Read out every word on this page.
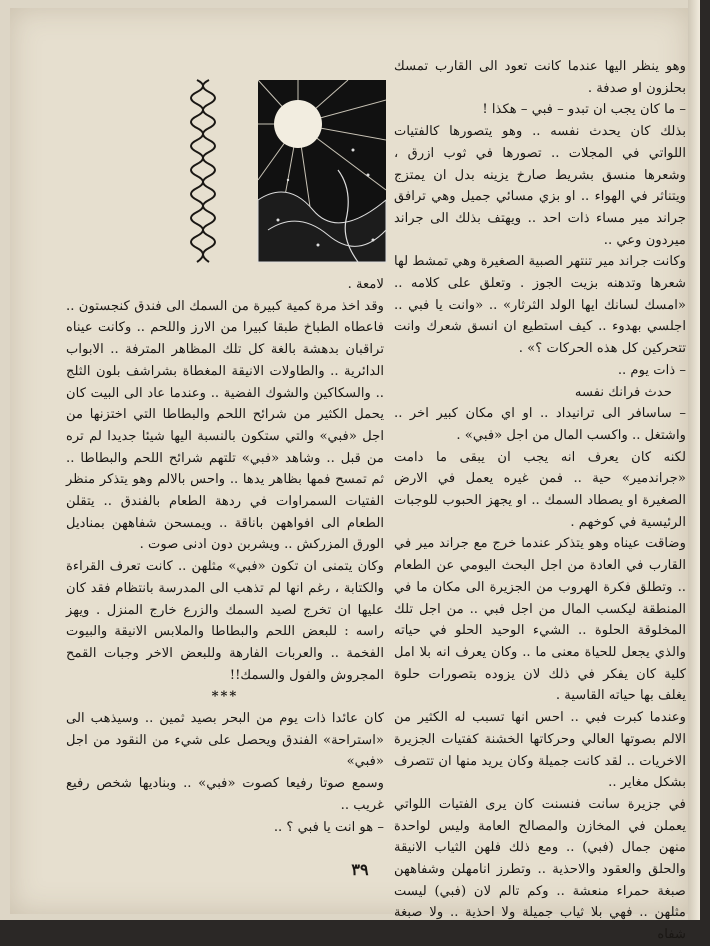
وهو ينظر اليها عندما كانت تعود الى القارب تمسك بحلزون او صدفة .

– ما كان يجب ان تبدو – فبي – هكذا !

بذلك كان يحدث نفسه .. وهو يتصورها كالفتيات اللواتي في المجلات .. تصورها في ثوب ازرق ، وشعرها منسق بشريط صارخ يزينه بدل ان يمتزج ويتناثر في الهواء .. او بزي مسائي جميل وهي ترافق جراند مير مساء ذات احد .. ويهتف بذلك الى جراند ميردون وعي ..

وكانت جراند مير تنتهر الصبية الصغيرة وهي تمشط لها شعرها وتدهنه بزيت الجوز . وتعلق على كلامه .. «امسك لسانك ايها الولد الثرثار» .. «وانت يا فبي .. اجلسي بهدوء .. كيف استطيع ان انسق شعرك وانت تتحركين كل هذه الحركات ؟» .

– ذات يوم ..

حدث فرانك نفسه

– ساسافر الى ترانيداد .. او اي مكان كبير اخر .. واشتغل .. واكسب المال من اجل «فبي» .

لكنه كان يعرف انه يجب ان يبقى ما دامت «جراندمير» حية .. فمن غيره يعمل في الارض الصغيرة او يصطاد السمك .. او يجهز الحبوب للوجبات الرئيسية في كوخهم .

وضاقت عيناه وهو يتذكر عندما خرج مع جراند مير في القارب في العادة من اجل البحث اليومي عن الطعام .. وتطلق فكرة الهروب من الجزيرة الى مكان ما في المنطقة ليكسب المال من اجل فبي .. من اجل تلك المخلوقة الحلوة .. الشيء الوحيد الحلو في حياته والذي يجعل للحياة معنى ما .. وكان يعرف انه بلا امل كلية كان يفكر في ذلك لان يزوده بتصورات حلوة يغلف بها حياته القاسية .

وعندما كبرت فبي .. احس انها تسبب له الكثير من الالم بصوتها العالي وحركاتها الخشنة كفتيات الجزيرة الاخريات .. لقد كانت جميلة وكان يريد منها ان تتصرف بشكل مغاير ..

في جزيرة سانت فنسنت كان يرى الفتيات اللواتي يعملن في المخازن والمصالح العامة وليس لواحدة منهن جمال (فبي) .. ومع ذلك فلهن الثياب الانيقة والحلق والعقود والاحذية .. وتطرز انامهلن وشفاههن صبغة حمراء منعشة .. وكم تالم لان (فبي) ليست مثلهن .. فهي بلا ثياب جميلة ولا احذية .. ولا صبغة شفاه

لامعة .

وقد اخذ مرة كمية كبيرة من السمك الى فندق كنجستون .. فاعطاه الطباخ طبقا كبيرا من الارز واللحم .. وكانت عيناه تراقبان بدهشة بالغة كل تلك المظاهر المترفة .. الابواب الدائرية .. والطاولات الانيقة المغطاة بشراشف بلون الثلج .. والسكاكين والشوك الفضية .. وعندما عاد الى البيت كان يحمل الكثير من شرائح اللحم والبطاطا التي اختزنها من اجل «فبي» والتي ستكون بالنسبة اليها شيئا جديدا لم تره من قبل .. وشاهد «فبي» تلتهم شرائح اللحم والبطاطا .. ثم تمسح فمها بظاهر يدها .. واحس بالالم وهو يتذكر منظر الفتيات السمراوات في ردهة الطعام بالفندق .. يتقلن الطعام الى افواههن باناقة .. ويمسحن شفاههن بمناديل الورق المزركش .. ويشربن دون ادنى صوت .

وكان يتمنى ان تكون «فبي» مثلهن .. كانت تعرف القراءة والكتابة ، رغم انها لم تذهب الى المدرسة بانتظام فقد كان عليها ان تخرج لصيد السمك والزرع خارج المنزل . ويهز راسه : للبعض اللحم والبطاطا والملابس الانيقة والبيوت الفخمة .. والعربات الفارهة وللبعض الاخر وجبات القمح المجروش والفول والسمك!!

***

كان عائدا ذات يوم من البحر بصيد ثمين .. وسيذهب الى «استراحة» الفندق ويحصل على شيء من النقود من اجل «فبي»

وسمع صوتا رفيعا كصوت «فبي» .. وبناديها شخص رفيع غريب ..

– هو انت يا فبي ؟ ..

٣٩
